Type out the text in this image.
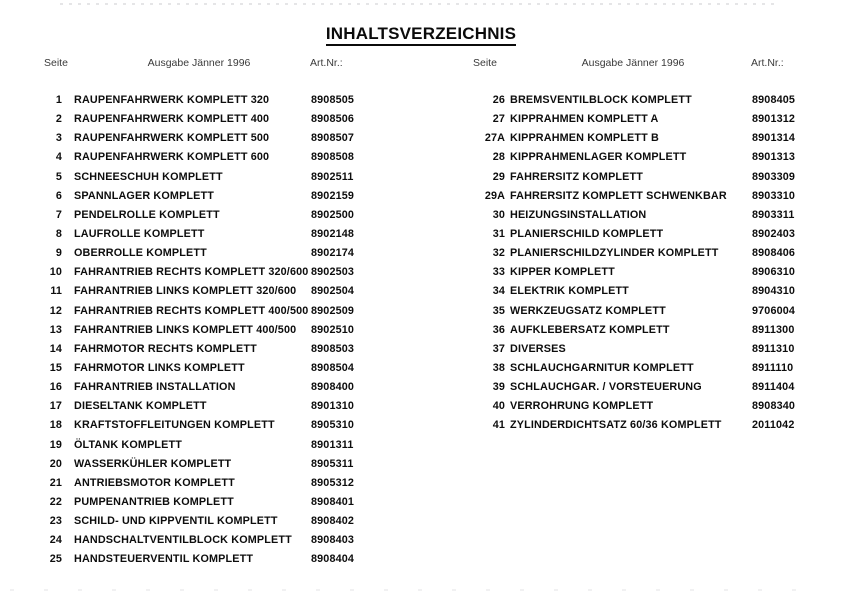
INHALTSVERZEICHNIS
Seite	Ausgabe Jänner 1996	Art.Nr.:
1 RAUPENFAHRWERK KOMPLETT 320	8908505
2 RAUPENFAHRWERK KOMPLETT 400	8908506
3 RAUPENFAHRWERK KOMPLETT 500	8908507
4 RAUPENFAHRWERK KOMPLETT 600	8908508
5 SCHNEESCHUH KOMPLETT	8902511
6 SPANNLAGER KOMPLETT	8902159
7 PENDELROLLE KOMPLETT	8902500
8 LAUFROLLE KOMPLETT	8902148
9 OBERROLLE KOMPLETT	8902174
10 FAHRANTRIEB RECHTS KOMPLETT 320/600 8902503
11 FAHRANTRIEB LINKS KOMPLETT 320/600 8902504
12 FAHRANTRIEB RECHTS KOMPLETT 400/500 8902509
13 FAHRANTRIEB LINKS KOMPLETT 400/500 8902510
14 FAHRMOTOR RECHTS KOMPLETT	8908503
15 FAHRMOTOR LINKS KOMPLETT	8908504
16 FAHRANTRIEB INSTALLATION	8908400
17 DIESELTANK KOMPLETT	8901310
18 KRAFTSTOFFLEITUNGEN KOMPLETT	8905310
19 ÖLTANK KOMPLETT	8901311
20 WASSERKÜHLER KOMPLETT	8905311
21 ANTRIEBSMOTOR KOMPLETT	8905312
22 PUMPENANTRIEB KOMPLETT	8908401
23 SCHILD- UND KIPPVENTIL KOMPLETT	8908402
24 HANDSCHALTVENTILBLOCK KOMPLETT 8908403
25 HANDSTEUERVENTIL KOMPLETT	8908404
Seite	Ausgabe Jänner 1996	Art.Nr.:
26 BREMSVENTILBLOCK KOMPLETT	8908405
27 KIPPRAHMEN KOMPLETT A	8901312
27A KIPPRAHMEN KOMPLETT B	8901314
28 KIPPRAHMENLAGER KOMPLETT	8901313
29 FAHRERSITZ KOMPLETT	8903309
29A FAHRERSITZ KOMPLETT SCHWENKBAR 8903310
30 HEIZUNGSINSTALLATION	8903311
31 PLANIERSCHILD KOMPLETT	8902403
32 PLANIERSCHILDZYLINDER KOMPLETT	8908406
33 KIPPER KOMPLETT	8906310
34 ELEKTRIK KOMPLETT	8904310
35 WERKZEUGSATZ KOMPLETT	9706004
36 AUFKLEBERSATZ KOMPLETT	8911300
37 DIVERSES	8911310
38 SCHLAUCHGARNITUR KOMPLETT	8911110
39 SCHLAUCHGAR. / VORSTEUERUNG	8911404
40 VERROHRUNG KOMPLETT	8908340
41 ZYLINDERDICHTSATZ 60/36 KOMPLETT	2011042
